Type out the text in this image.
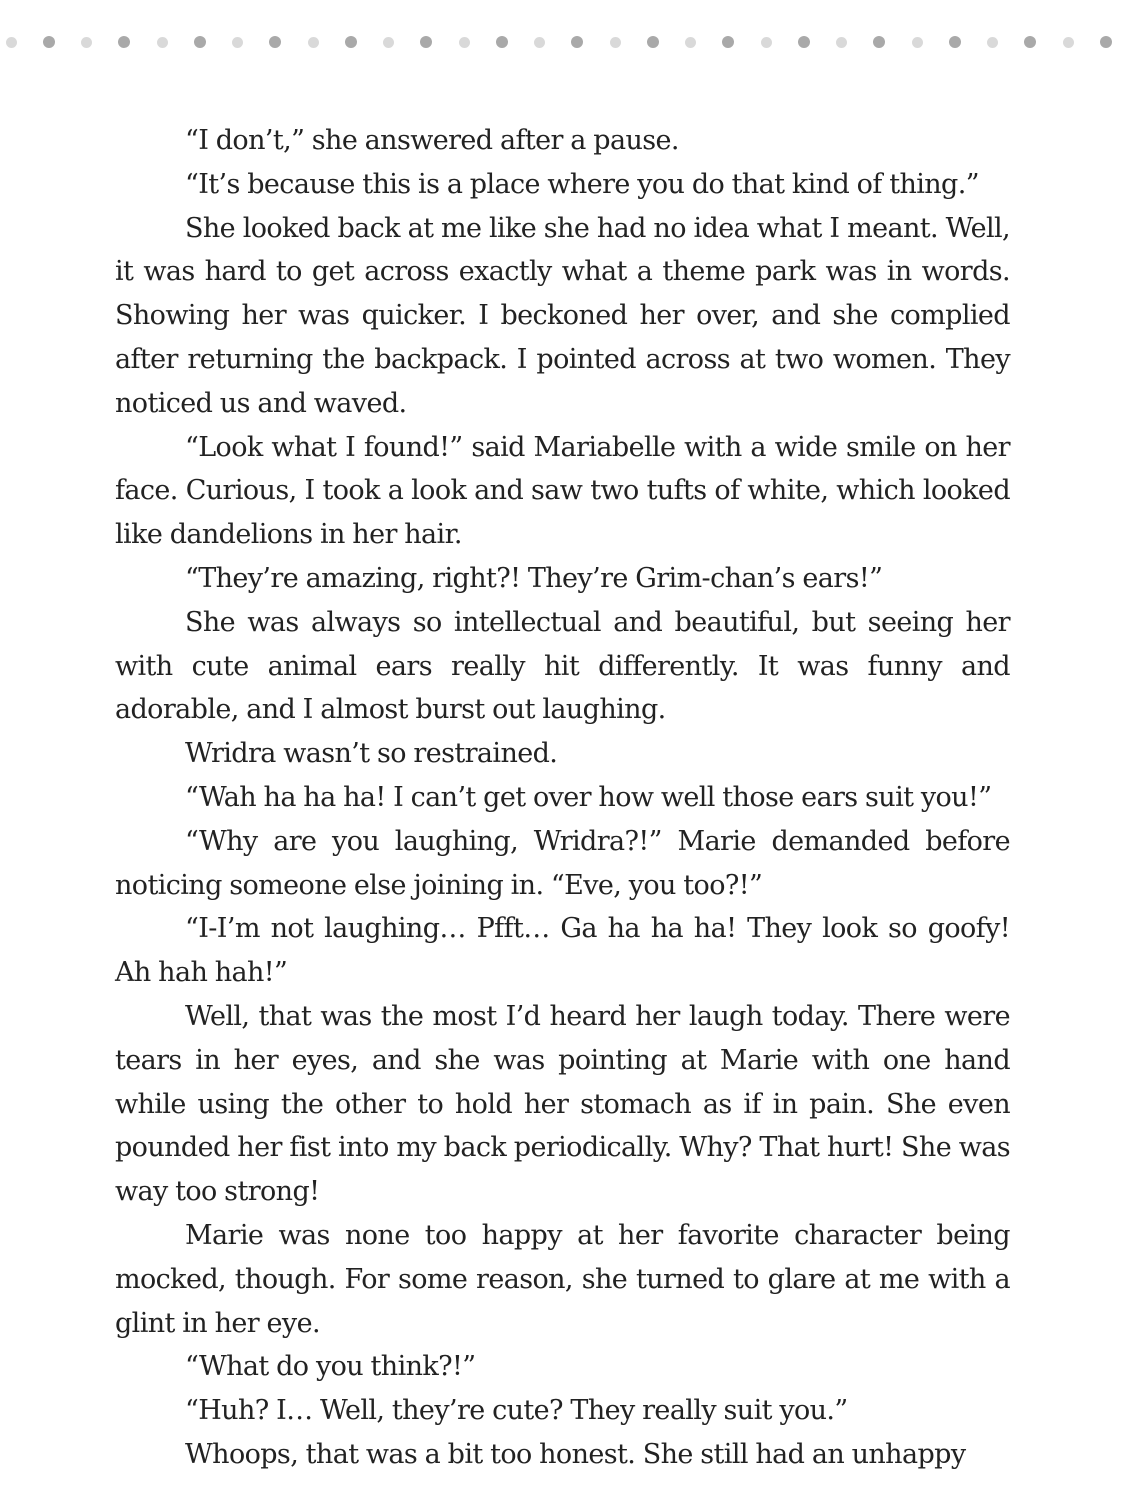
“I don’t,” she answered after a pause.

“It’s because this is a place where you do that kind of thing.”

She looked back at me like she had no idea what I meant. Well, it was hard to get across exactly what a theme park was in words. Showing her was quicker. I beckoned her over, and she complied after returning the backpack. I pointed across at two women. They noticed us and waved.

“Look what I found!” said Mariabelle with a wide smile on her face. Curious, I took a look and saw two tufts of white, which looked like dandelions in her hair.

“They’re amazing, right?! They’re Grim-chan’s ears!”

She was always so intellectual and beautiful, but seeing her with cute animal ears really hit differently. It was funny and adorable, and I almost burst out laughing.

Wridra wasn’t so restrained.

“Wah ha ha ha! I can’t get over how well those ears suit you!”

“Why are you laughing, Wridra?!” Marie demanded before noticing someone else joining in. “Eve, you too?!”

“I-I’m not laughing… Pfft… Ga ha ha ha! They look so goofy! Ah hah hah!”

Well, that was the most I’d heard her laugh today. There were tears in her eyes, and she was pointing at Marie with one hand while using the other to hold her stomach as if in pain. She even pounded her fist into my back periodically. Why? That hurt! She was way too strong!

Marie was none too happy at her favorite character being mocked, though. For some reason, she turned to glare at me with a glint in her eye.

“What do you think?!”

“Huh? I… Well, they’re cute? They really suit you.”

Whoops, that was a bit too honest. She still had an unhappy
